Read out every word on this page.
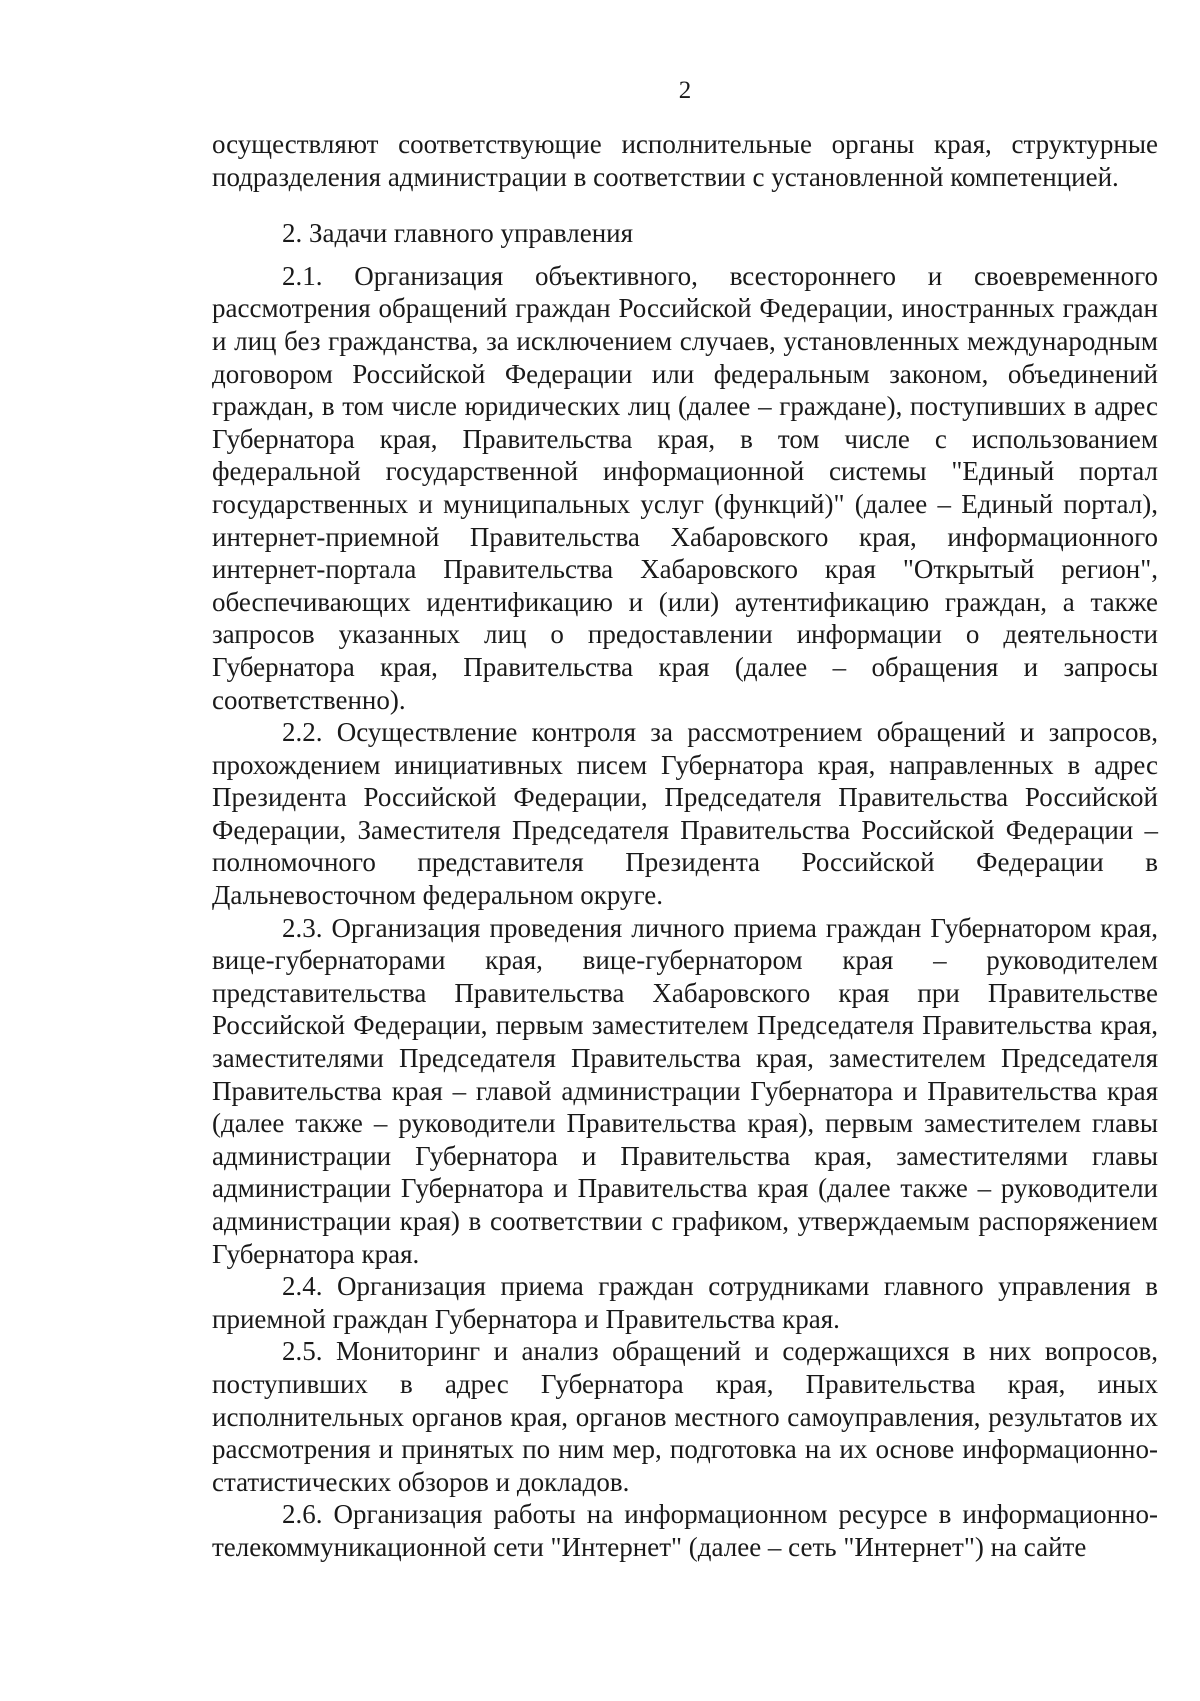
2

осуществляют соответствующие исполнительные органы края, структурные подразделения администрации в соответствии с установленной компетенцией.

2. Задачи главного управления

2.1. Организация объективного, всестороннего и своевременного рассмотрения обращений граждан Российской Федерации, иностранных граждан и лиц без гражданства, за исключением случаев, установленных международным договором Российской Федерации или федеральным законом, объединений граждан, в том числе юридических лиц (далее – граждане), поступивших в адрес Губернатора края, Правительства края, в том числе с использованием федеральной государственной информационной системы "Единый портал государственных и муниципальных услуг (функций)" (далее – Единый портал), интернет-приемной Правительства Хабаровского края, информационного интернет-портала Правительства Хабаровского края "Открытый регион", обеспечивающих идентификацию и (или) аутентификацию граждан, а также запросов указанных лиц о предоставлении информации о деятельности Губернатора края, Правительства края (далее – обращения и запросы соответственно).

2.2. Осуществление контроля за рассмотрением обращений и запросов, прохождением инициативных писем Губернатора края, направленных в адрес Президента Российской Федерации, Председателя Правительства Российской Федерации, Заместителя Председателя Правительства Российской Федерации – полномочного представителя Президента Российской Федерации в Дальневосточном федеральном округе.

2.3. Организация проведения личного приема граждан Губернатором края, вице-губернаторами края, вице-губернатором края – руководителем представительства Правительства Хабаровского края при Правительстве Российской Федерации, первым заместителем Председателя Правительства края, заместителями Председателя Правительства края, заместителем Председателя Правительства края – главой администрации Губернатора и Правительства края (далее также – руководители Правительства края), первым заместителем главы администрации Губернатора и Правительства края, заместителями главы администрации Губернатора и Правительства края (далее также – руководители администрации края) в соответствии с графиком, утверждаемым распоряжением Губернатора края.

2.4. Организация приема граждан сотрудниками главного управления в приемной граждан Губернатора и Правительства края.

2.5. Мониторинг и анализ обращений и содержащихся в них вопросов, поступивших в адрес Губернатора края, Правительства края, иных исполнительных органов края, органов местного самоуправления, результатов их рассмотрения и принятых по ним мер, подготовка на их основе информационно-статистических обзоров и докладов.

2.6. Организация работы на информационном ресурсе в информационно-телекоммуникационной сети "Интернет" (далее – сеть "Интернет") на сайте
